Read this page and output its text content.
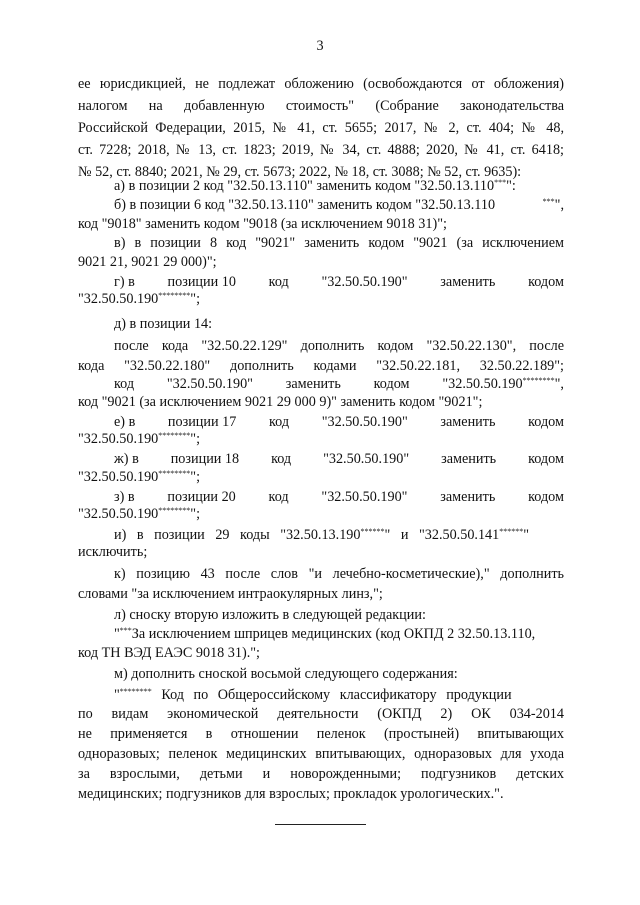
3
ее юрисдикцией, не подлежат обложению (освобождаются от обложения)
налогом на добавленную стоимость" (Собрание законодательства
Российской Федерации, 2015, № 41, ст. 5655; 2017, № 2, ст. 404; № 48,
ст. 7228; 2018, № 13, ст. 1823; 2019, № 34, ст. 4888; 2020, № 41, ст. 6418;
№ 52, ст. 8840; 2021, № 29, ст. 5673; 2022, № 18, ст. 3088; № 52, ст. 9635):
а) в позиции 2 код "32.50.13.110" заменить кодом "32.50.13.110***":
б) в позиции 6 код "32.50.13.110" заменить кодом "32.50.13.110	***",
код "9018" заменить кодом "9018 (за исключением 9018 31)";
в) в позиции 8 код "9021" заменить кодом "9021 (за исключением
9021 21, 9021 29 000)";
г) в позиции 10 код "32.50.50.190" заменить кодом
"32.50.50.190********";
д) в позиции 14:
после кода "32.50.22.129" дополнить кодом "32.50.22.130", после
кода "32.50.22.180" дополнить кодами "32.50.22.181, 32.50.22.189";
код "32.50.50.190" заменить кодом "32.50.50.190********",
код "9021 (за исключением 9021 29 000 9)" заменить кодом "9021";
е) в позиции 17 код "32.50.50.190" заменить кодом
"32.50.50.190********";
ж) в позиции 18 код "32.50.50.190" заменить кодом
"32.50.50.190********";
з) в позиции 20 код "32.50.50.190" заменить кодом
"32.50.50.190********";
и) в позиции 29 коды "32.50.13.190******" и "32.50.50.141******"
исключить;
к) позицию 43 после слов "и лечебно-косметические)," дополнить
словами "за исключением интраокулярных линз,";
л) сноску вторую изложить в следующей редакции:
"***За исключением шприцев медицинских (код ОКПД 2 32.50.13.110,
код ТН ВЭД ЕАЭС 9018 31).";
м) дополнить сноской восьмой следующего содержания:
"******** Код по Общероссийскому классификатору продукции
по видам экономической деятельности (ОКПД 2) ОК 034-2014
не применяется в отношении пеленок (простыней) впитывающих
одноразовых; пеленок медицинских впитывающих, одноразовых для ухода
за взрослыми, детьми и новорожденными; подгузников детских
медицинских; подгузников для взрослых; прокладок урологических.".
